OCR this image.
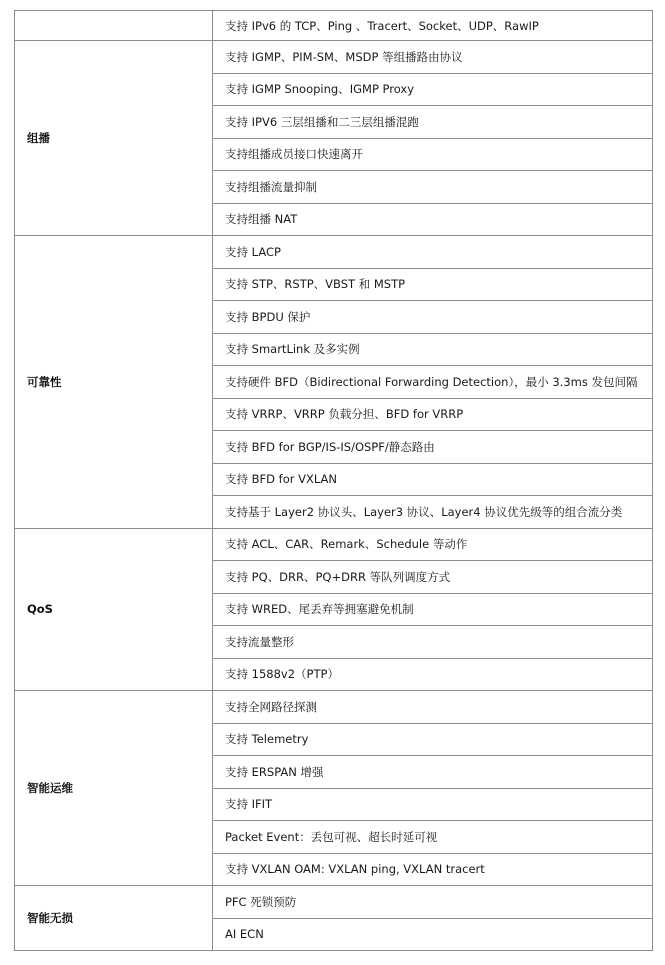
	支持 IPv6 的 TCP、Ping 、Tracert、Socket、UDP、RawIP
组播	支持 IGMP、PIM-SM、MSDP 等组播路由协议
	支持 IGMP Snooping、IGMP Proxy
	支持 IPV6 三层组播和二三层组播混跑
	支持组播成员接口快速离开
	支持组播流量抑制
	支持组播 NAT
可靠性	支持 LACP
	支持 STP、RSTP、VBST 和 MSTP
	支持 BPDU 保护
	支持 SmartLink 及多实例
	支持硬件 BFD（Bidirectional Forwarding Detection），最小 3.3ms 发包间隔
	支持 VRRP、VRRP 负载分担、BFD for VRRP
	支持 BFD for BGP/IS-IS/OSPF/静态路由
	支持 BFD for VXLAN
	支持基于 Layer2 协议头、Layer3 协议、Layer4 协议优先级等的组合流分类
QoS	支持 ACL、CAR、Remark、Schedule 等动作
	支持 PQ、DRR、PQ+DRR 等队列调度方式
	支持 WRED、尾丢弃等拥塞避免机制
	支持流量整形
	支持 1588v2（PTP）
智能运维	支持全网路径探测
	支持 Telemetry
	支持 ERSPAN 增强
	支持 IFIT
	Packet Event：丢包可视、超长时延可视
	支持 VXLAN OAM: VXLAN ping, VXLAN tracert
智能无损	PFC 死锁预防
	AI ECN
